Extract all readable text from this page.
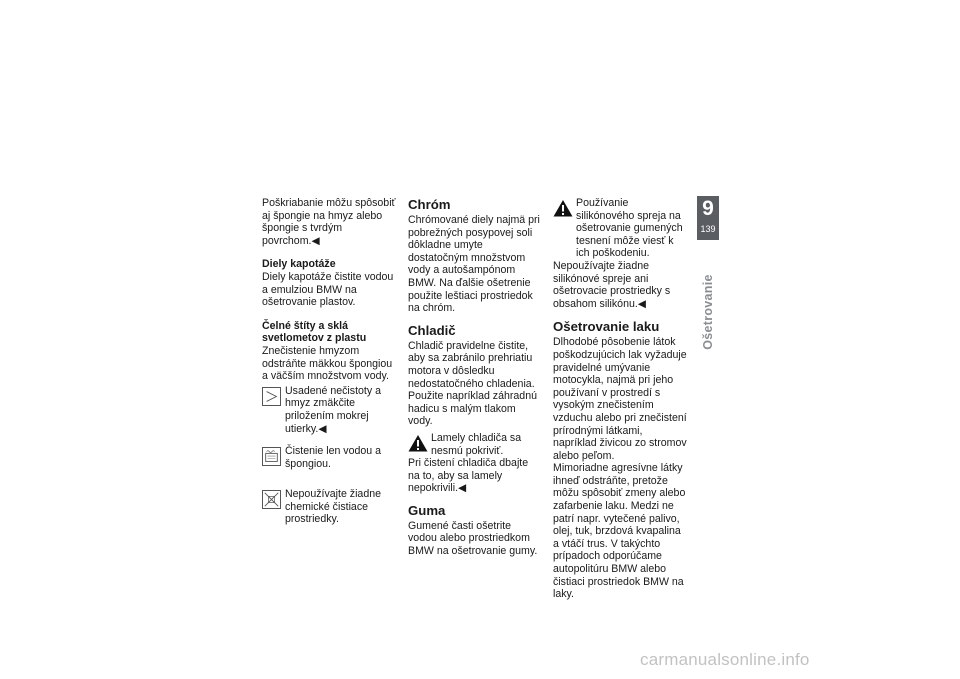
Poškriabanie môžu spôsobiť aj špongie na hmyz alebo špongie s tvrdým povrchom.◀

Diely kapotáže

Diely kapotáže čistite vodou a emulziou BMW na ošetrovanie plastov.

Čelné štíty a sklá svetlometov z plastu

Znečistenie hmyzom odstráňte mäkkou špongiou a väčším množstvom vody.

Usadené nečistoty a hmyz zmäkčite priložením mokrej utierky.◀

Čistenie len vodou a špongiou.

Nepoužívajte žiadne chemické čistiace prostriedky.

Chróm

Chrómované diely najmä pri pobrežných posypovej soli dôkladne umyte dostatočným množstvom vody a autošampónom BMW. Na ďalšie ošetrenie použite leštiaci prostriedok na chróm.

Chladič

Chladič pravidelne čistite, aby sa zabránilo prehriatiu motora v dôsledku nedostatočného chladenia.

Použite napríklad záhradnú hadicu s malým tlakom vody.

Lamely chladiča sa nesmú pokriviť.

Pri čistení chladiča dbajte na to, aby sa lamely nepokrivili.◀

Guma

Gumené časti ošetrite vodou alebo prostriedkom BMW na ošetrovanie gumy.

Používanie silikónového spreja na ošetrovanie gumených tesnení môže viesť k ich poškodeniu.

Nepoužívajte žiadne silikónové spreje ani ošetrovacie prostriedky s obsahom silikónu.◀

Ošetrovanie laku

Dlhodobé pôsobenie látok poškodzujúcich lak vyžaduje pravidelné umývanie motocykla, najmä pri jeho používaní v prostredí s vysokým znečistením vzduchu alebo pri znečistení prírodnými látkami, napríklad živicou zo stromov alebo peľom.

Mimoriadne agresívne látky ihneď odstráňte, pretože môžu spôsobiť zmeny alebo zafarbenie laku. Medzi ne patrí napr. vytečené palivo, olej, tuk, brzdová kvapalina a vtáčí trus. V takýchto prípadoch odporúčame autopolitúru BMW alebo čistiaci prostriedok BMW na laky.

9
139
Ošetrovanie
carmanualsonline.info
